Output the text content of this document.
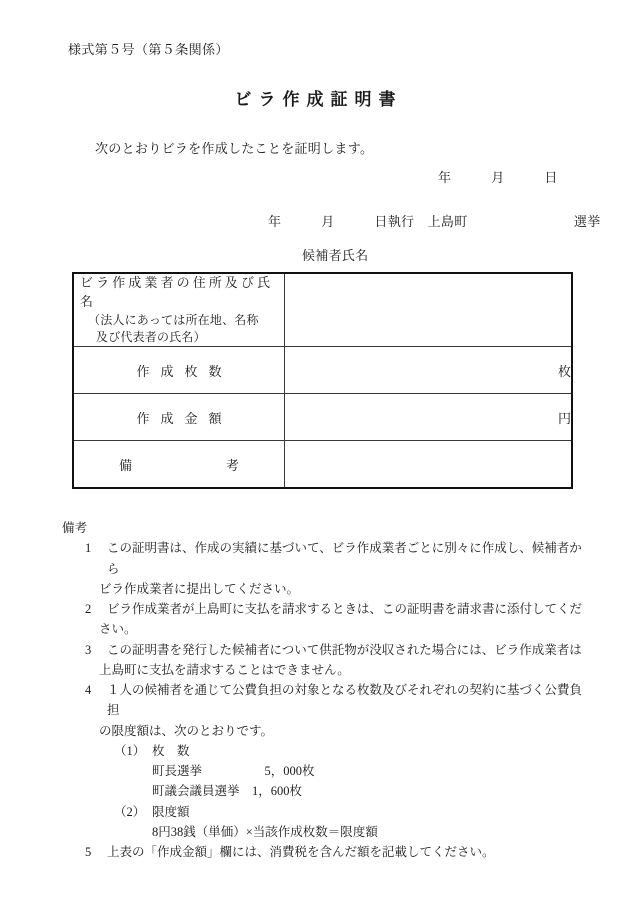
様式第５号（第５条関係）
ビラ作成証明書
次のとおりビラを作成したことを証明します。
年　　　月　　　日
年　　　月　　　日執行　上島町　　　　　　　　選挙
候補者氏名
ビラ作成業者の住所及び氏名
（法人にあっては所在地、名称
及び代表者の氏名）	

作成枚数	枚
作成金額	円
備考	
備考
1	この証明書は、作成の実績に基づいて、ビラ作成業者ごとに別々に作成し、候補者から
ビラ作成業者に提出してください。
2	ビラ作成業者が上島町に支払を請求するときは、この証明書を請求書に添付してくだ
さい。
3	この証明書を発行した候補者について供託物が没収された場合には、ビラ作成業者は
上島町に支払を請求することはできません。
4	１人の候補者を通じて公費負担の対象となる枚数及びそれぞれの契約に基づく公費負担
の限度額は、次のとおりです。
（1） 枚　数
町長選挙　　　　　5，000枚
町議会議員選挙　1，600枚
（2） 限度額
8円38銭（単価）×当該作成枚数＝限度額
5	上表の「作成金額」欄には、消費税を含んだ額を記載してください。
